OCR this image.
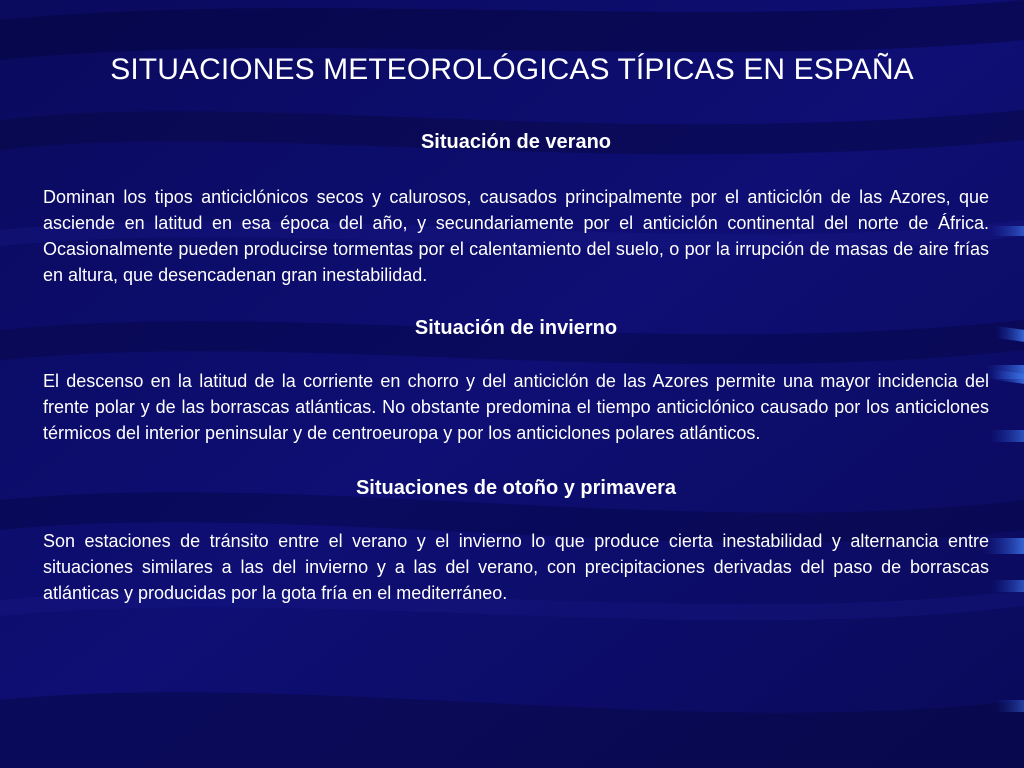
SITUACIONES METEOROLÓGICAS TÍPICAS EN ESPAÑA
Situación de verano

Dominan los tipos anticiclónicos secos y calurosos, causados principalmente por el anticiclón de las Azores, que asciende en latitud en esa época del año, y secundariamente por el anticiclón continental del norte de África. Ocasionalmente pueden producirse tormentas por el calentamiento del suelo, o por la irrupción de masas de aire frías en altura, que desencadenan gran inestabilidad.

Situación de invierno

El descenso en la latitud de la corriente en chorro y del anticiclón de las Azores permite una mayor incidencia del frente polar y de las borrascas atlánticas. No obstante predomina el tiempo anticiclónico causado por los anticiclones térmicos del interior peninsular y de centroeuropa y por los anticiclones polares atlánticos.

Situaciones de otoño y primavera

Son estaciones de tránsito entre el verano y el invierno lo que produce cierta inestabilidad y alternancia entre situaciones similares a las del invierno y a las del verano, con precipitaciones derivadas del paso de borrascas atlánticas y producidas por la gota fría en el mediterráneo.
